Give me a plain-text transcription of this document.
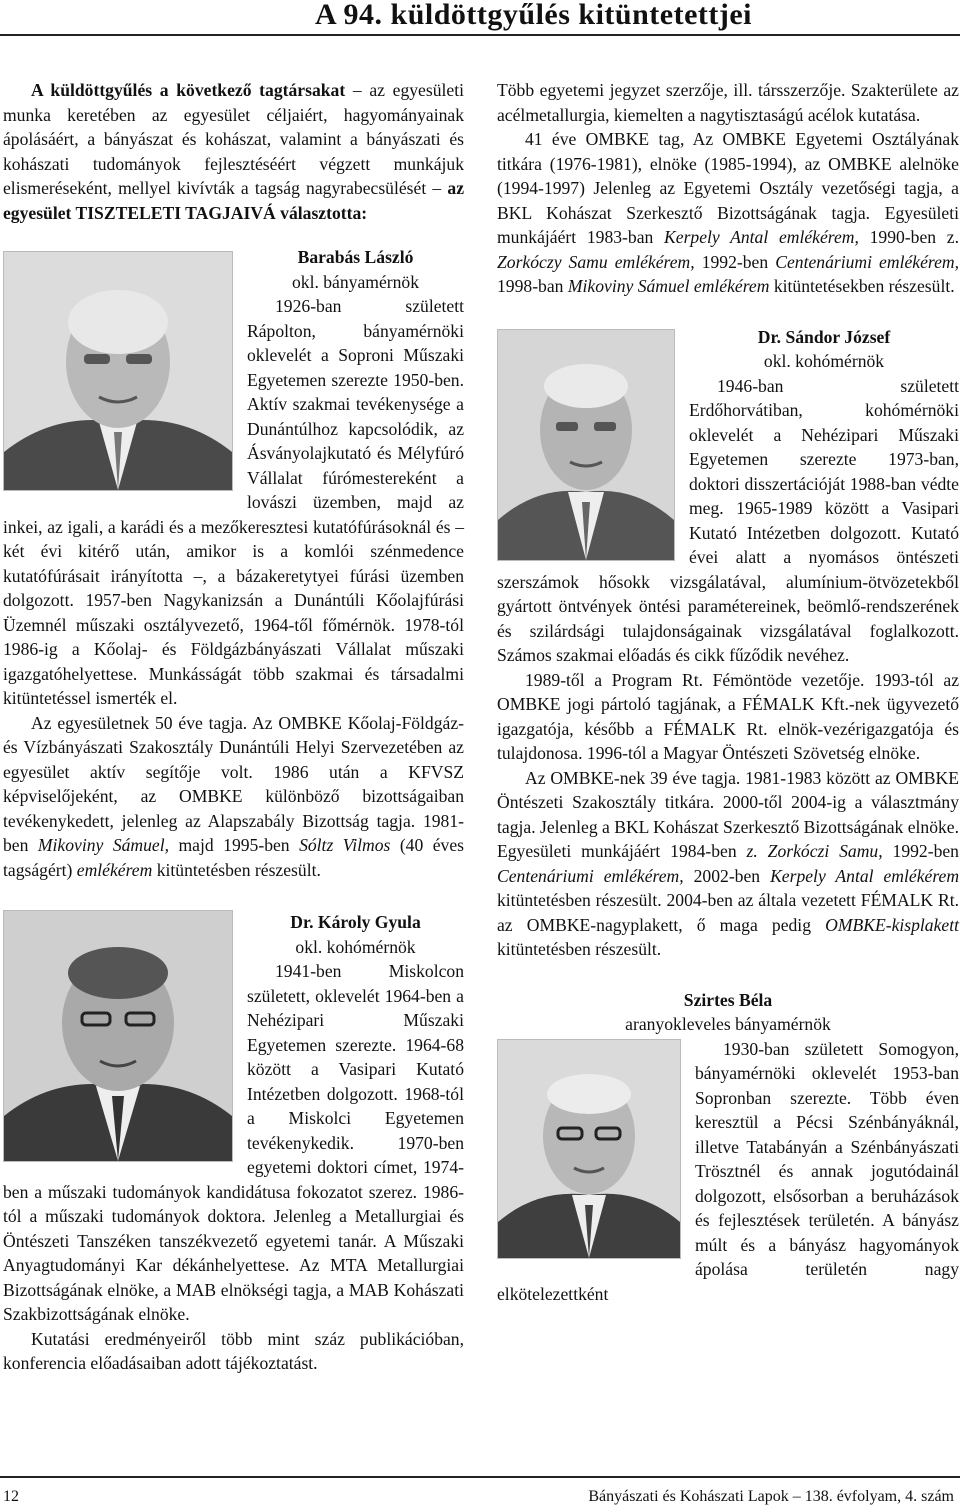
A 94. küldöttgyűlés kitüntetettjei

A küldöttgyűlés a következő tagtársakat – az egyesületi munka keretében az egyesület céljaiért, hagyományainak ápolásáért, a bányászat és kohászat, valamint a bányászati és kohászati tudományok fejlesztéséért végzett munkájuk elismeréseként, mellyel kivívták a tagság nagyrabecsülését – az egyesület TISZTELETI TAGJAIVÁ választotta:

Barabás László

okl. bányamérnök

1926-ban született Rápolton, bányamérnöki oklevelét a Soproni Műszaki Egyetemen szerezte 1950-ben. Aktív szakmai tevékenysége a Dunántúlhoz kapcsolódik, az Ásványolajkutató és Mélyfúró Vállalat fúrómestereként a lovászi üzemben, majd az inkei, az igali, a karádi és a mezőkeresztesi kutatófúrásoknál és – két évi kitérő után, amikor is a komlói szénmedence kutatófúrásait irányította –, a bázakeretytyei fúrási üzemben dolgozott. 1957-ben Nagykanizsán a Dunántúli Kőolajfúrási Üzemnél műszaki osztályvezető, 1964-től főmérnök. 1978-tól 1986-ig a Kőolaj- és Földgázbányászati Vállalat műszaki igazgatóhelyettese. Munkásságát több szakmai és társadalmi kitüntetéssel ismerték el.

Az egyesületnek 50 éve tagja. Az OMBKE Kőolaj-Földgáz- és Vízbányászati Szakosztály Dunántúli Helyi Szervezetében az egyesület aktív segítője volt. 1986 után a KFVSZ képviselőjeként, az OMBKE különböző bizottságaiban tevékenykedett, jelenleg az Alapszabály Bizottság tagja. 1981-ben Mikoviny Sámuel, majd 1995-ben Sóltz Vilmos (40 éves tagságért) emlékérem kitüntetésben részesült.

Dr. Károly Gyula

okl. kohómérnök

1941-ben Miskolcon született, oklevelét 1964-ben a Nehézipari Műszaki Egyetemen szerezte. 1964-68 között a Vasipari Kutató Intézetben dolgozott. 1968-tól a Miskolci Egyetemen tevékenykedik. 1970-ben egyetemi doktori címet, 1974-ben a műszaki tudományok kandidátusa fokozatot szerez. 1986-tól a műszaki tudományok doktora. Jelenleg a Metallurgiai és Öntészeti Tanszéken tanszékvezető egyetemi tanár. A Műszaki Anyagtudományi Kar dékánhelyettese. Az MTA Metallurgiai Bizottságának elnöke, a MAB elnökségi tagja, a MAB Kohászati Szakbizottságának elnöke.

Kutatási eredményeiről több mint száz publikációban, konferencia előadásaiban adott tájékoztatást.

Több egyetemi jegyzet szerzője, ill. társszerzője. Szakterülete az acélmetallurgia, kiemelten a nagytisztaságú acélok kutatása.

41 éve OMBKE tag, Az OMBKE Egyetemi Osztályának titkára (1976-1981), elnöke (1985-1994), az OMBKE alelnöke (1994-1997) Jelenleg az Egyetemi Osztály vezetőségi tagja, a BKL Kohászat Szerkesztő Bizottságának tagja. Egyesületi munkájáért 1983-ban Kerpely Antal emlékérem, 1990-ben z. Zorkóczy Samu emlékérem, 1992-ben Centenáriumi emlékérem, 1998-ban Mikoviny Sámuel emlékérem kitüntetésekben részesült.

Dr. Sándor József

okl. kohómérnök

1946-ban született Erdőhorvátiban, kohómérnöki oklevelét a Nehézipari Műszaki Egyetemen szerezte 1973-ban, doktori disszertációját 1988-ban védte meg. 1965-1989 között a Vasipari Kutató Intézetben dolgozott. Kutató évei alatt a nyomásos öntészeti szerszámok hősokk vizsgálatával, alumínium-ötvözetekből gyártott öntvények öntési paramétereinek, beömlő-rendszerének és szilárdsági tulajdonságainak vizsgálatával foglalkozott. Számos szakmai előadás és cikk fűződik nevéhez.

1989-től a Program Rt. Fémöntöde vezetője. 1993-tól az OMBKE jogi pártoló tagjának, a FÉMALK Kft.-nek ügyvezető igazgatója, később a FÉMALK Rt. elnök-vezérigazgatója és tulajdonosa. 1996-tól a Magyar Öntészeti Szövetség elnöke.

Az OMBKE-nek 39 éve tagja. 1981-1983 között az OMBKE Öntészeti Szakosztály titkára. 2000-től 2004-ig a választmány tagja. Jelenleg a BKL Kohászat Szerkesztő Bizottságának elnöke. Egyesületi munkájáért 1984-ben z. Zorkóczi Samu, 1992-ben Centenáriumi emlékérem, 2002-ben Kerpely Antal emlékérem kitüntetésben részesült. 2004-ben az általa vezetett FÉMALK Rt. az OMBKE-nagyplakett, ő maga pedig OMBKE-kisplakett kitüntetésben részesült.

Szirtes Béla

aranyokleveles bányamérnök

1930-ban született Somogyon, bányamérnöki oklevelét 1953-ban Sopronban szerezte. Több éven keresztül a Pécsi Szénbányáknál, illetve Tatabányán a Szénbányászati Trösztnél és annak jogutódainál dolgozott, elsősorban a beruházások és fejlesztések területén. A bányász múlt és a bányász hagyományok ápolása területén nagy elkötelezettként

12	Bányászati és Kohászati Lapok – 138. évfolyam, 4. szám
